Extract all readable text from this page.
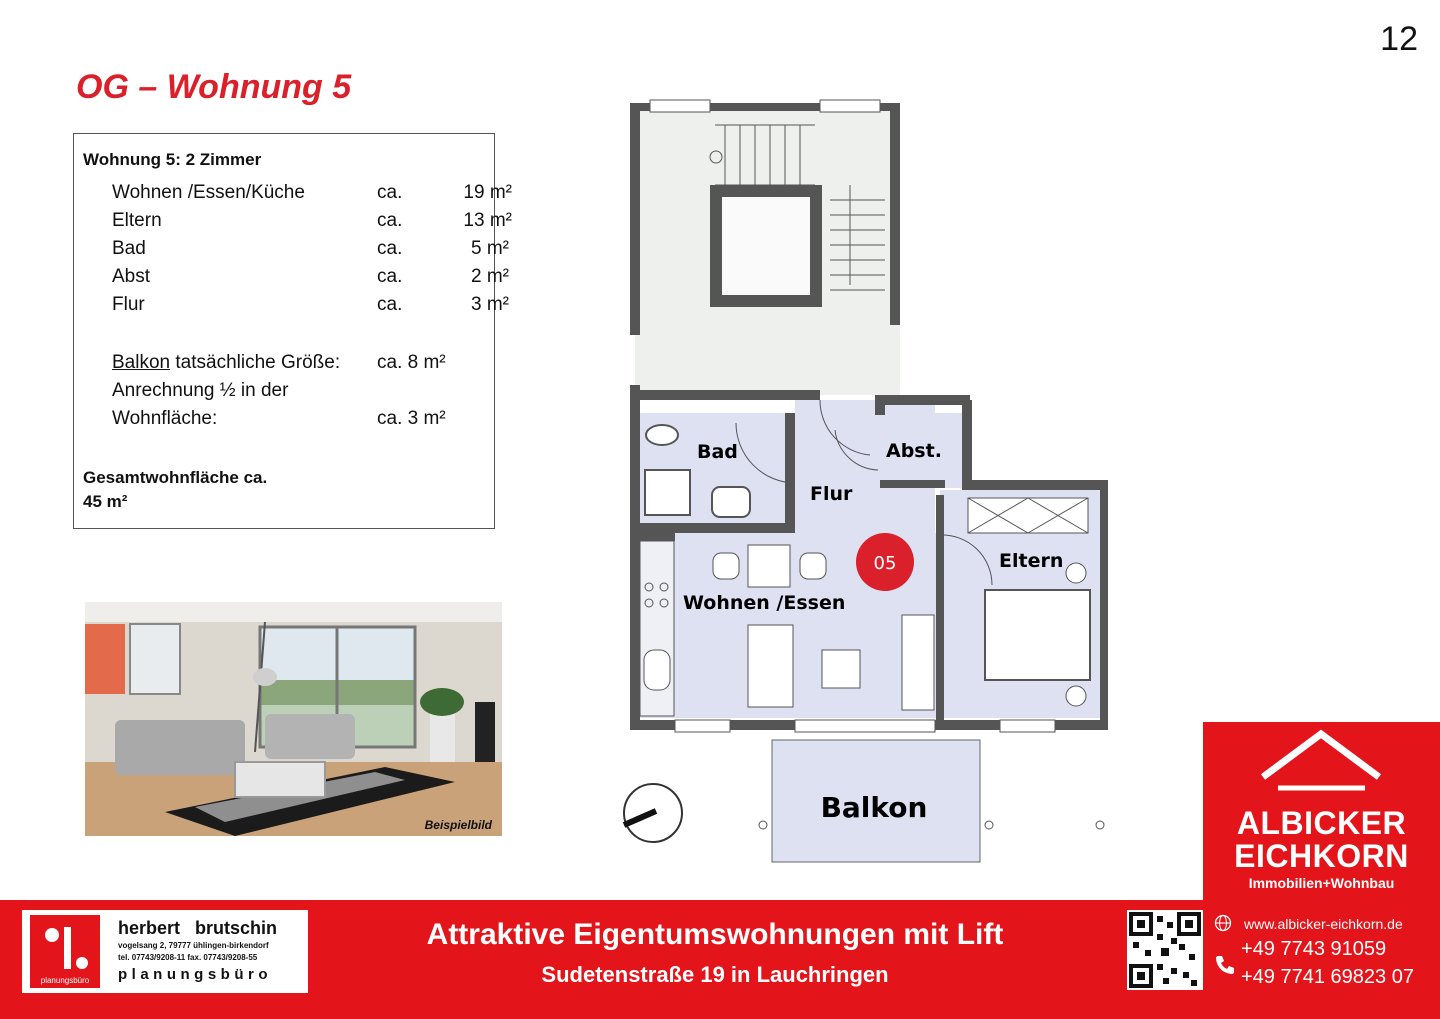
12
OG – Wohnung 5
Wohnung 5: 2 Zimmer
Wohnen /Essen/Küche	ca.	19 m²
Eltern	ca.	13 m²
Bad	ca.	5 m²
Abst	ca.	2 m²
Flur	ca.	3 m²
Balkon tatsächliche Größe: ca. 8 m²
Anrechnung ½ in der
Wohnfläche:	ca. 3 m²
Gesamtwohnfläche ca.
45 m²
Beispielbild
05
Bad	Abst.
Flur
Eltern
Wohnen /Essen
Balkon	ALBICKER
EICHKORN
Immobilien+Wohnbau
planungsbüro
herbert brutschin
vogelsang 2, 79777 ühlingen-birkendorf
tel. 07743/9208-11 fax. 07743/9208-55
planungsbüro
Attraktive Eigentumswohnungen mit Lift
Sudetenstraße 19 in Lauchringen
www.albicker-eichkorn.de
+49 7743 91059
+49 7741 69823 07
